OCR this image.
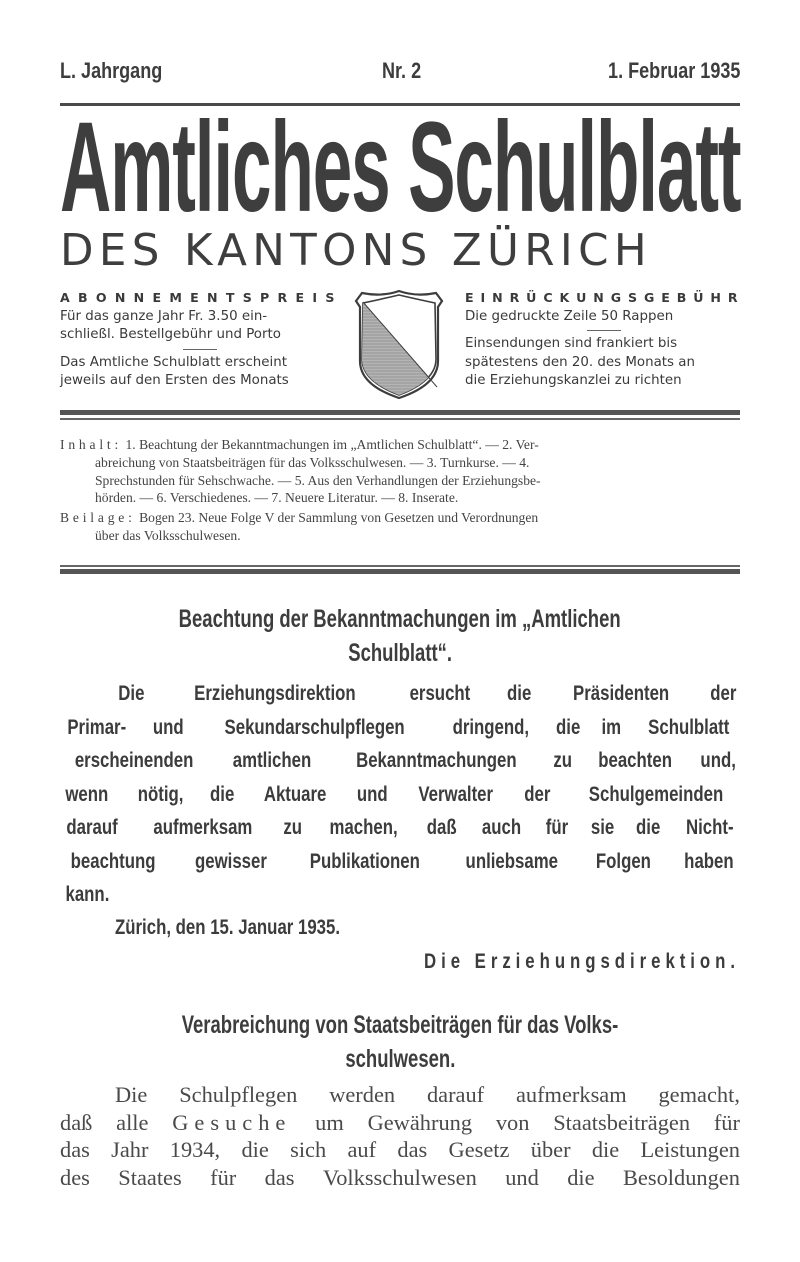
L. Jahrgang	Nr. 2	1. Februar 1935
Amtliches Schulblatt
DES KANTONS ZÜRICH
A B O N N E M E N T S P R E I S
Für das ganze Jahr Fr. 3.50 ein-
schließl. Bestellgebühr und Porto
Das Amtliche Schulblatt erscheint
jeweils auf den Ersten des Monats
E I N R Ü C K U N G S G E B Ü H R
Die gedruckte Zeile 50 Rappen
Einsendungen sind frankiert bis
spätestens den 20. des Monats an
die Erziehungskanzlei zu richten

Inhalt: 1. Beachtung der Bekanntmachungen im „Amtlichen Schulblatt“. — 2. Ver-
abreichung von Staatsbeiträgen für das Volksschulwesen. — 3. Turnkurse. — 4.
Sprechstunden für Sehschwache. — 5. Aus den Verhandlungen der Erziehungsbe-
hörden. — 6. Verschiedenes. — 7. Neuere Literatur. — 8. Inserate.

Beilage: Bogen 23. Neue Folge V der Sammlung von Gesetzen und Verordnungen
über das Volksschulwesen.

Beachtung der Bekanntmachungen im „Amtlichen
Schulblatt“.
Die Erziehungsdirektion	ersucht die Präsidenten der
Primar- und Sekundarschulpflegen dringend, die im Schulblatt
erscheinenden amtlichen Bekanntmachungen zu beachten und,
wenn nötig, die Aktuare und Verwalter der Schulgemeinden
darauf aufmerksam zu machen, daß auch für sie die Nicht-
beachtung gewisser Publikationen unliebsame Folgen haben
kann.
Zürich, den 15. Januar 1935.
Die Erziehungsdirektion.
Verabreichung von Staatsbeiträgen für das Volks-
schulwesen.
Die Schulpflegen werden darauf aufmerksam gemacht,
daß alle Gesuche um Gewährung von Staatsbeiträgen für
das Jahr 1934, die sich auf das Gesetz über die Leistungen
des Staates für das Volksschulwesen und die Besoldungen
